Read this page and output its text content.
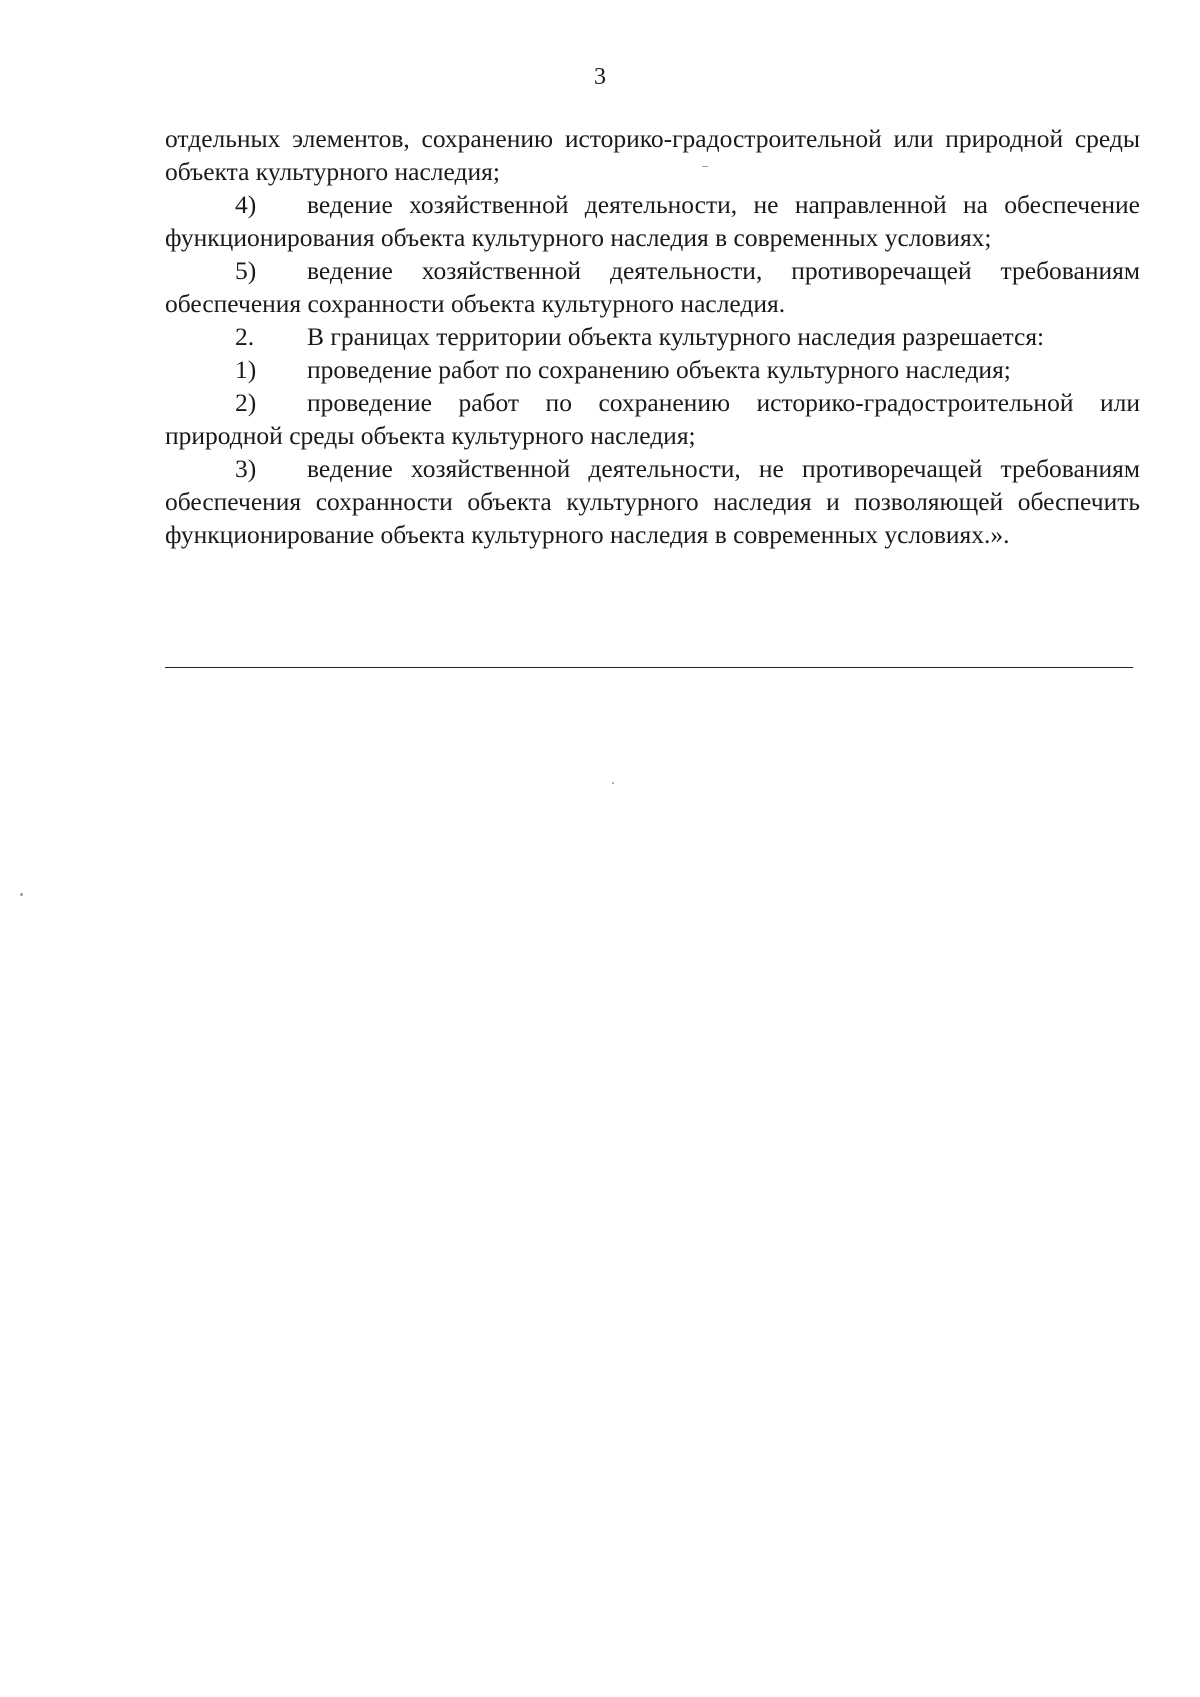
3

отдельных элементов, сохранению историко-градостроительной или природной среды объекта культурного наследия;

4) ведение хозяйственной деятельности, не направленной на обеспечение функционирования объекта культурного наследия в современных условиях;

5) ведение хозяйственной деятельности, противоречащей требованиям обеспечения сохранности объекта культурного наследия.

2. В границах территории объекта культурного наследия разрешается:

1) проведение работ по сохранению объекта культурного наследия;

2) проведение работ по сохранению историко-градостроительной или природной среды объекта культурного наследия;

3) ведение хозяйственной деятельности, не противоречащей требованиям обеспечения сохранности объекта культурного наследия и позволяющей обеспечить функционирование объекта культурного наследия в современных условиях.».
